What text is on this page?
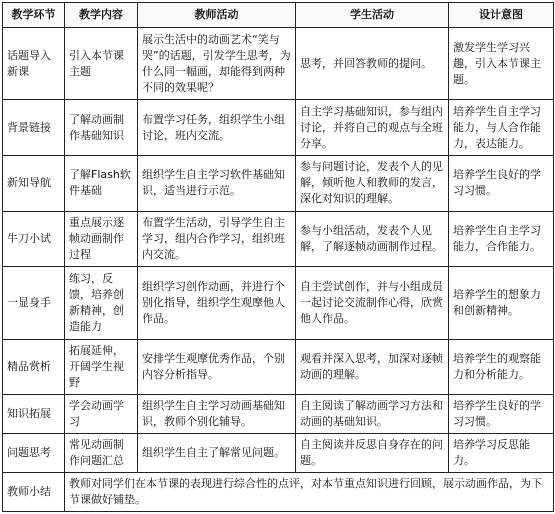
教学环节	教学内容	教师活动	学生活动	设计意图
话题导入新课	引入本节课主题	展示生活中的动画艺术“笑与哭”的话题，引发学生思考，为什么同一幅画，却能得到两种不同的效果呢？	思考，并回答教师的提问。	激发学生学习兴趣，引入本节课主题。
背景链接	了解动画制作基础知识	布置学习任务，组织学生小组讨论，班内交流。	自主学习基础知识，参与组内讨论，并将自己的观点与全班分享。	培养学生自主学习能力，与人合作能力，表达能力。
新知导航	了解Flash软件基础	组织学生自主学习软件基础知识，适当进行示范。	参与问题讨论，发表个人的见解，倾听他人和教师的发言，深化对知识的理解。	培养学生良好的学习习惯。
牛刀小试	重点展示逐帧动画制作过程	布置学生活动，引导学生自主学习，组内合作学习，组织班内交流。	参与小组活动，发表个人见解，了解逐帧动画制作过程。	培养学生自主学习能力，合作能力。
一显身手	练习，反馈，培养创新精神，创造能力	组织学习创作动画，并进行个别化指导，组织学生观摩他人作品。	自主尝试创作，并与小组成员一起讨论交流制作心得，欣赏他人作品。	培养学生的想象力和创新精神。
精品赏析	拓展延伸，开阔学生视野	安排学生观摩优秀作品，个别内容分析指导。	观看并深入思考，加深对逐帧动画的理解。	培养学生的观察能力和分析能力。
知识拓展	学会动画学习	组织学生自主学习动画基础知识，教师个别化辅导。	自主阅读了解动画学习方法和动画的基础知识。	培养学生良好的学习习惯。
问题思考	常见动画制作问题汇总	组织学生自主了解常见问题。	自主阅读并反思自身存在的问题。	培养学习反思能力。
教师小结	教师对同学们在本节课的表现进行综合性的点评，对本节重点知识进行回顾，展示动画作品，为下节课做好铺垫。			
